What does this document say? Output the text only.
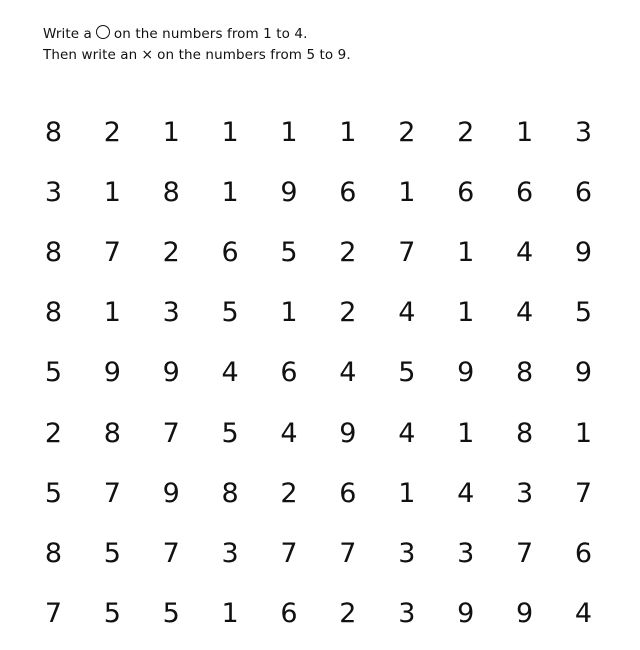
Write a on the numbers from 1 to 4.
Then write an × on the numbers from 5 to 9.
8	2	1	1	1	1	2	2	1	3
3	1	8	1	9	6	1	6	6	6
8	7	2	6	5	2	7	1	4	9
8	1	3	5	1	2	4	1	4	5
5	9	9	4	6	4	5	9	8	9
2	8	7	5	4	9	4	1	8	1
5	7	9	8	2	6	1	4	3	7
8	5	7	3	7	7	3	3	7	6
7	5	5	1	6	2	3	9	9	4
